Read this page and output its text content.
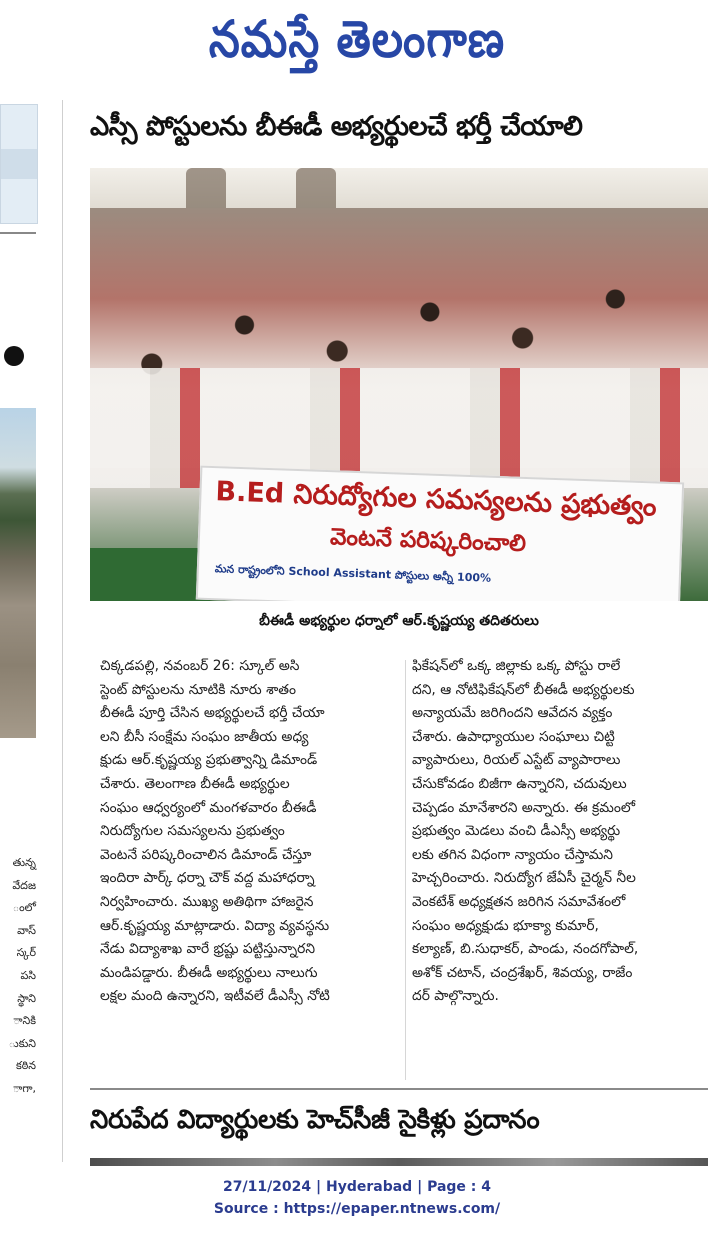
నమస్తే తెలంగాణ
తున్న
వేదజ
ంలో
వాస్
స్కర్
పసి
స్థాని
ానికి
ుకుని
కఠిన
ాగా,
ఎస్సీ పోస్టులను బీఈడీ అభ్యర్థులచే భర్తీ చేయాలి
B.Ed నిరుద్యోగుల సమస్యలను ప్రభుత్వం
వెంటనే పరిష్కరించాలి
మన రాష్ట్రంలోని School Assistant పోస్టులు అన్నీ 100%
బీఈడీ అభ్యర్థుల ధర్నాలో ఆర్.కృష్ణయ్య తదితరులు
చిక్కడపల్లి, నవంబర్ 26: స్కూల్ అసి
స్టెంట్ పోస్టులను నూటికి నూరు శాతం
బీఈడీ పూర్తి చేసిన అభ్యర్థులచే భర్తీ చేయా
లని బీసీ సంక్షేమ సంఘం జాతీయ అధ్య
క్షుడు ఆర్.కృష్ణయ్య ప్రభుత్వాన్ని డిమాండ్
చేశారు. తెలంగాణ బీఈడీ అభ్యర్థుల
సంఘం ఆధ్వర్యంలో మంగళవారం బీఈడీ
నిరుద్యోగుల సమస్యలను ప్రభుత్వం
వెంటనే పరిష్కరించాలిన డిమాండ్ చేస్తూ
ఇందిరా పార్క్ ధర్నా చౌక్ వద్ద మహాధర్నా
నిర్వహించారు. ముఖ్య అతిథిగా హాజరైన
ఆర్.కృష్ణయ్య మాట్లాడారు. విద్యా వ్యవస్థను
నేడు విద్యాశాఖ వారే భ్రష్టు పట్టిస్తున్నారని
మండిపడ్డారు. బీఈడీ అభ్యర్థులు నాలుగు
లక్షల మంది ఉన్నారని, ఇటీవలే డీఎస్సీ నోటి
ఫికేషన్‌లో ఒక్క జిల్లాకు ఒక్క పోస్టు రాలే
దని, ఆ నోటిఫికేషన్‌లో బీఈడీ అభ్యర్థులకు
అన్యాయమే జరిగిందని ఆవేదన వ్యక్తం
చేశారు. ఉపాధ్యాయుల సంఘాలు చిట్టి
వ్యాపారులు, రియల్ ఎస్టేట్ వ్యాపారాలు
చేసుకోవడం బిజీగా ఉన్నారని, చదువులు
చెప్పడం మానేశారని అన్నారు. ఈ క్రమంలో
ప్రభుత్వం మెడలు వంచి డీఎస్సీ అభ్యర్థు
లకు తగిన విధంగా న్యాయం చేస్తామని
హెచ్చరించారు. నిరుద్యోగ జేఏసీ చైర్మన్ నీల
వెంకటేశ్ అధ్యక్షతన జరిగిన సమావేశంలో
సంఘం అధ్యక్షుడు భూక్యా కుమార్,
కల్యాణ్, బి.సుధాకర్, పాండు, నందగోపాల్,
అశోక్ చటాన్, చంద్రశేఖర్, శివయ్య, రాజేం
దర్ పాల్గొన్నారు.
నిరుపేద విద్యార్థులకు హెచ్‌సీజీ సైకిళ్లు ప్రదానం
27/11/2024 | Hyderabad | Page : 4
Source : https://epaper.ntnews.com/
